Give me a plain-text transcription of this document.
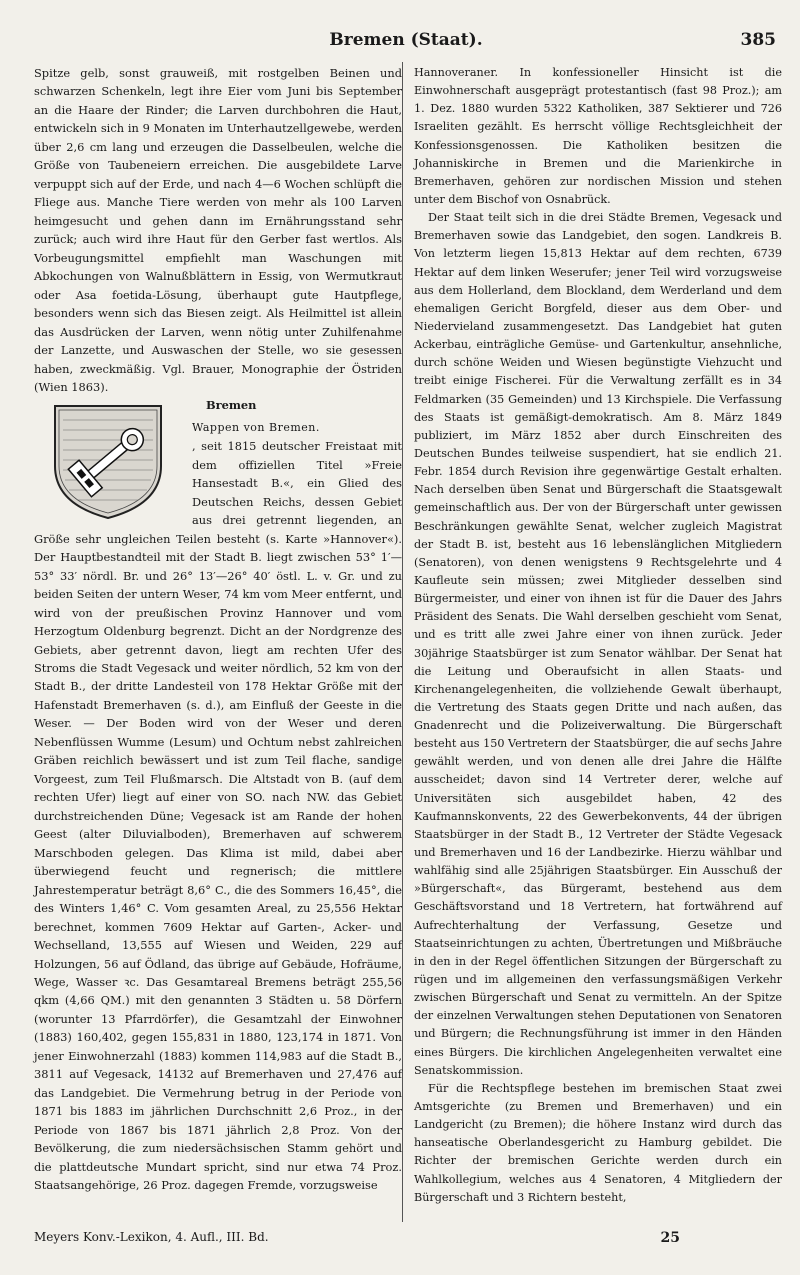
Bremen (Staat).	385

Spitze gelb, sonst grauweiß, mit rostgelben Beinen und schwarzen Schenkeln, legt ihre Eier vom Juni bis September an die Haare der Rinder; die Larven durchbohren die Haut, entwickeln sich in 9 Monaten im Unterhautzellgewebe, werden über 2,6 cm lang und erzeugen die Dasselbeulen, welche die Größe von Taubeneiern erreichen. Die ausgebildete Larve verpuppt sich auf der Erde, und nach 4—6 Wochen schlüpft die Fliege aus. Manche Tiere werden von mehr als 100 Larven heimgesucht und gehen dann im Ernährungsstand sehr zurück; auch wird ihre Haut für den Gerber fast wertlos. Als Vorbeugungsmittel empfiehlt man Waschungen mit Abkochungen von Walnußblättern in Essig, von Wermutkraut oder Asa foetida-Lösung, überhaupt gute Hautpflege, besonders wenn sich das Biesen zeigt. Als Heilmittel ist allein das Ausdrücken der Larven, wenn nötig unter Zuhilfenahme der Lanzette, und Auswaschen der Stelle, wo sie gesessen haben, zweckmäßig. Vgl. Brauer, Monographie der Östriden (Wien 1863).

Bremen

Wappen von Bremen.
, seit 1815 deutscher Freistaat mit dem offiziellen Titel »Freie Hansestadt B.«, ein Glied des Deutschen Reichs, dessen Gebiet aus drei getrennt liegenden, an Größe sehr ungleichen Teilen besteht (s. Karte »Hannover«). Der Hauptbestandteil mit der Stadt B. liegt zwischen 53° 1′—53° 33′ nördl. Br. und 26° 13′—26° 40′ östl. L. v. Gr. und zu beiden Seiten der untern Weser, 74 km vom Meer entfernt, und wird von der preußischen Provinz Hannover und vom Herzogtum Oldenburg begrenzt. Dicht an der Nordgrenze des Gebiets, aber getrennt davon, liegt am rechten Ufer des Stroms die Stadt Vegesack und weiter nördlich, 52 km von der Stadt B., der dritte Landesteil von 178 Hektar Größe mit der Hafenstadt Bremerhaven (s. d.), am Einfluß der Geeste in die Weser. — Der Boden wird von der Weser und deren Nebenflüssen Wumme (Lesum) und Ochtum nebst zahlreichen Gräben reichlich bewässert und ist zum Teil flache, sandige Vorgeest, zum Teil Flußmarsch. Die Altstadt von B. (auf dem rechten Ufer) liegt auf einer von SO. nach NW. das Gebiet durchstreichenden Düne; Vegesack ist am Rande der hohen Geest (alter Diluvialboden), Bremerhaven auf schwerem Marschboden gelegen. Das Klima ist mild, dabei aber überwiegend feucht und regnerisch; die mittlere Jahrestemperatur beträgt 8,6° C., die des Sommers 16,45°, die des Winters 1,46° C. Vom gesamten Areal, zu 25,556 Hektar berechnet, kommen 7609 Hektar auf Garten-, Acker- und Wechselland, 13,555 auf Wiesen und Weiden, 229 auf Holzungen, 56 auf Ödland, das übrige auf Gebäude, Hofräume, Wege, Wasser ꝛc. Das Gesamtareal Bremens beträgt 255,56 qkm (4,66 QM.) mit den genannten 3 Städten u. 58 Dörfern (worunter 13 Pfarrdörfer), die Gesamtzahl der Einwohner (1883) 160,402, gegen 155,831 in 1880, 123,174 in 1871. Von jener Einwohnerzahl (1883) kommen 114,983 auf die Stadt B., 3811 auf Vegesack, 14132 auf Bremerhaven und 27,476 auf das Landgebiet. Die Vermehrung betrug in der Periode von 1871 bis 1883 im jährlichen Durchschnitt 2,6 Proz., in der Periode von 1867 bis 1871 jährlich 2,8 Proz. Von der Bevölkerung, die zum niedersächsischen Stamm gehört und die plattdeutsche Mundart spricht, sind nur etwa 74 Proz. Staatsangehörige, 26 Proz. dagegen Fremde, vorzugsweise

Hannoveraner. In konfessioneller Hinsicht ist die Einwohnerschaft ausgeprägt protestantisch (fast 98 Proz.); am 1. Dez. 1880 wurden 5322 Katholiken, 387 Sektierer und 726 Israeliten gezählt. Es herrscht völlige Rechtsgleichheit der Konfessionsgenossen. Die Katholiken besitzen die Johanniskirche in Bremen und die Marienkirche in Bremerhaven, gehören zur nordischen Mission und stehen unter dem Bischof von Osnabrück.

Der Staat teilt sich in die drei Städte Bremen, Vegesack und Bremerhaven sowie das Landgebiet, den sogen. Landkreis B. Von letzterm liegen 15,813 Hektar auf dem rechten, 6739 Hektar auf dem linken Weserufer; jener Teil wird vorzugsweise aus dem Hollerland, dem Blockland, dem Werderland und dem ehemaligen Gericht Borgfeld, dieser aus dem Ober- und Niedervieland zusammengesetzt. Das Landgebiet hat guten Ackerbau, einträgliche Gemüse- und Gartenkultur, ansehnliche, durch schöne Weiden und Wiesen begünstigte Viehzucht und treibt einige Fischerei. Für die Verwaltung zerfällt es in 34 Feldmarken (35 Gemeinden) und 13 Kirchspiele. Die Verfassung des Staats ist gemäßigt-demokratisch. Am 8. März 1849 publiziert, im März 1852 aber durch Einschreiten des Deutschen Bundes teilweise suspendiert, hat sie endlich 21. Febr. 1854 durch Revision ihre gegenwärtige Gestalt erhalten. Nach derselben üben Senat und Bürgerschaft die Staatsgewalt gemeinschaftlich aus. Der von der Bürgerschaft unter gewissen Beschränkungen gewählte Senat, welcher zugleich Magistrat der Stadt B. ist, besteht aus 16 lebenslänglichen Mitgliedern (Senatoren), von denen wenigstens 9 Rechtsgelehrte und 4 Kaufleute sein müssen; zwei Mitglieder desselben sind Bürgermeister, und einer von ihnen ist für die Dauer des Jahrs Präsident des Senats. Die Wahl derselben geschieht vom Senat, und es tritt alle zwei Jahre einer von ihnen zurück. Jeder 30jährige Staatsbürger ist zum Senator wählbar. Der Senat hat die Leitung und Oberaufsicht in allen Staats- und Kirchenangelegenheiten, die vollziehende Gewalt überhaupt, die Vertretung des Staats gegen Dritte und nach außen, das Gnadenrecht und die Polizeiverwaltung. Die Bürgerschaft besteht aus 150 Vertretern der Staatsbürger, die auf sechs Jahre gewählt werden, und von denen alle drei Jahre die Hälfte ausscheidet; davon sind 14 Vertreter derer, welche auf Universitäten sich ausgebildet haben, 42 des Kaufmannskonvents, 22 des Gewerbekonvents, 44 der übrigen Staatsbürger in der Stadt B., 12 Vertreter der Städte Vegesack und Bremerhaven und 16 der Landbezirke. Hierzu wählbar und wahlfähig sind alle 25jährigen Staatsbürger. Ein Ausschuß der »Bürgerschaft«, das Bürgeramt, bestehend aus dem Geschäftsvorstand und 18 Vertretern, hat fortwährend auf Aufrechterhaltung der Verfassung, Gesetze und Staatseinrichtungen zu achten, Übertretungen und Mißbräuche in den in der Regel öffentlichen Sitzungen der Bürgerschaft zu rügen und im allgemeinen den verfassungsmäßigen Verkehr zwischen Bürgerschaft und Senat zu vermitteln. An der Spitze der einzelnen Verwaltungen stehen Deputationen von Senatoren und Bürgern; die Rechnungsführung ist immer in den Händen eines Bürgers. Die kirchlichen Angelegenheiten verwaltet eine Senatskommission.

Für die Rechtspflege bestehen im bremischen Staat zwei Amtsgerichte (zu Bremen und Bremerhaven) und ein Landgericht (zu Bremen); die höhere Instanz wird durch das hanseatische Oberlandesgericht zu Hamburg gebildet. Die Richter der bremischen Gerichte werden durch ein Wahlkollegium, welches aus 4 Senatoren, 4 Mitgliedern der Bürgerschaft und 3 Richtern besteht,

Meyers Konv.-Lexikon, 4. Aufl., III. Bd.	25
